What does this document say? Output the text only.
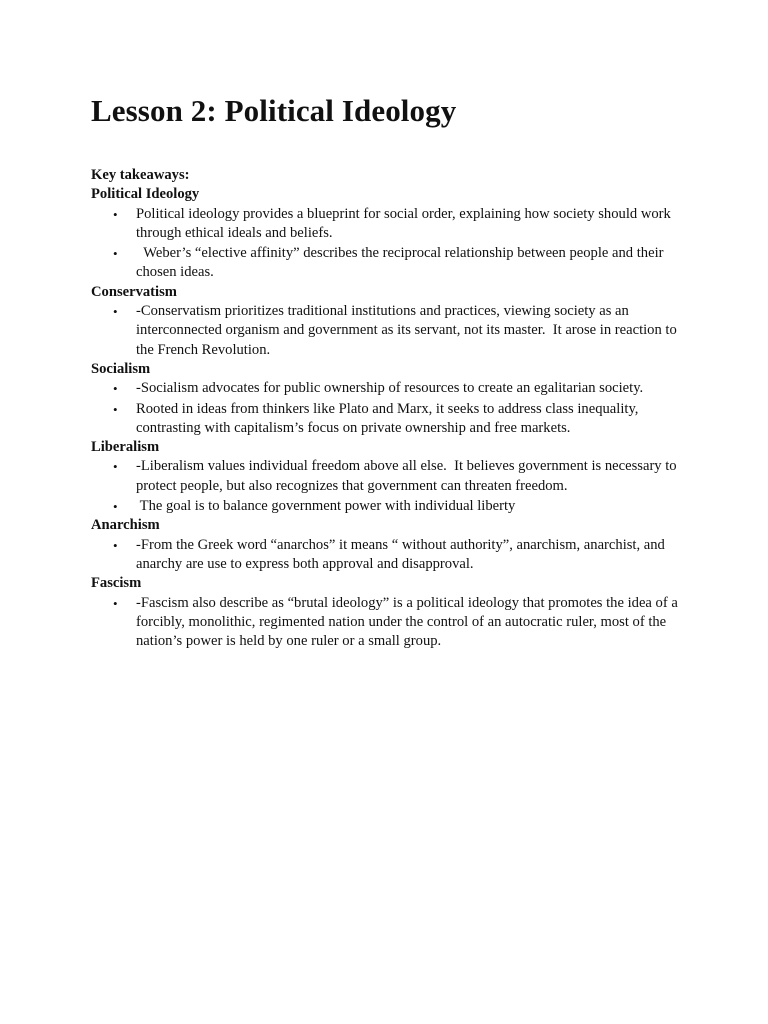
Lesson 2: Political Ideology

Key takeaways:

Political Ideology

• Political ideology provides a blueprint for social order, explaining how society should work through ethical ideals and beliefs.
• Weber’s “elective affinity” describes the reciprocal relationship between people and their chosen ideas.

Conservatism

• -Conservatism prioritizes traditional institutions and practices, viewing society as an interconnected organism and government as its servant, not its master.  It arose in reaction to the French Revolution.

Socialism

• -Socialism advocates for public ownership of resources to create an egalitarian society.
• Rooted in ideas from thinkers like Plato and Marx, it seeks to address class inequality, contrasting with capitalism’s focus on private ownership and free markets.

Liberalism

• -Liberalism values individual freedom above all else.  It believes government is necessary to protect people, but also recognizes that government can threaten freedom.
• The goal is to balance government power with individual liberty

Anarchism

• -From the Greek word “anarchos” it means “ without authority”, anarchism, anarchist, and anarchy are use to express both approval and disapproval.

Fascism

• -Fascism also describe as “brutal ideology” is a political ideology that promotes the idea of a forcibly, monolithic, regimented nation under the control of an autocratic ruler, most of the nation’s power is held by one ruler or a small group.
